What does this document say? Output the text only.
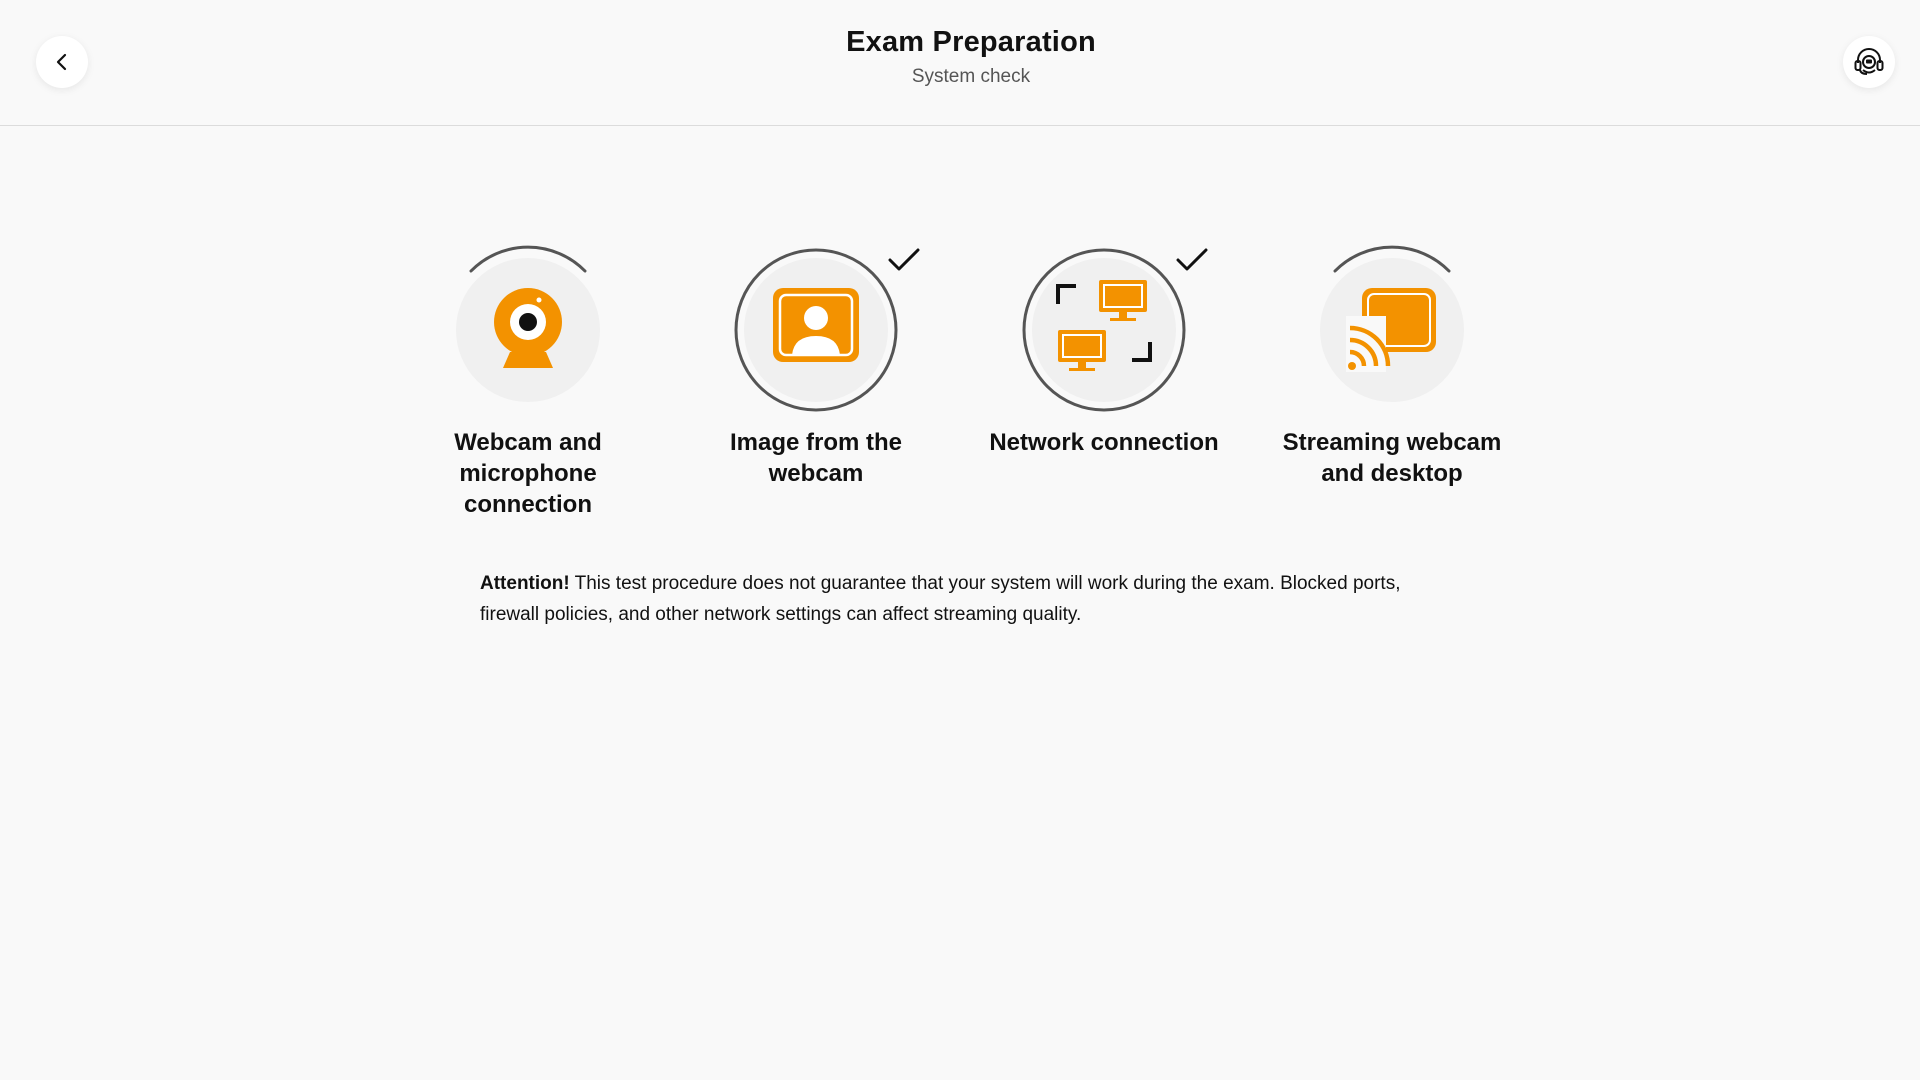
Exam Preparation
System check
Webcam and microphone connection
Image from the webcam
Network connection	Streaming webcam and desktop
Attention! This test procedure does not guarantee that your system will work during the exam. Blocked ports, firewall policies, and other network settings can affect streaming quality.
